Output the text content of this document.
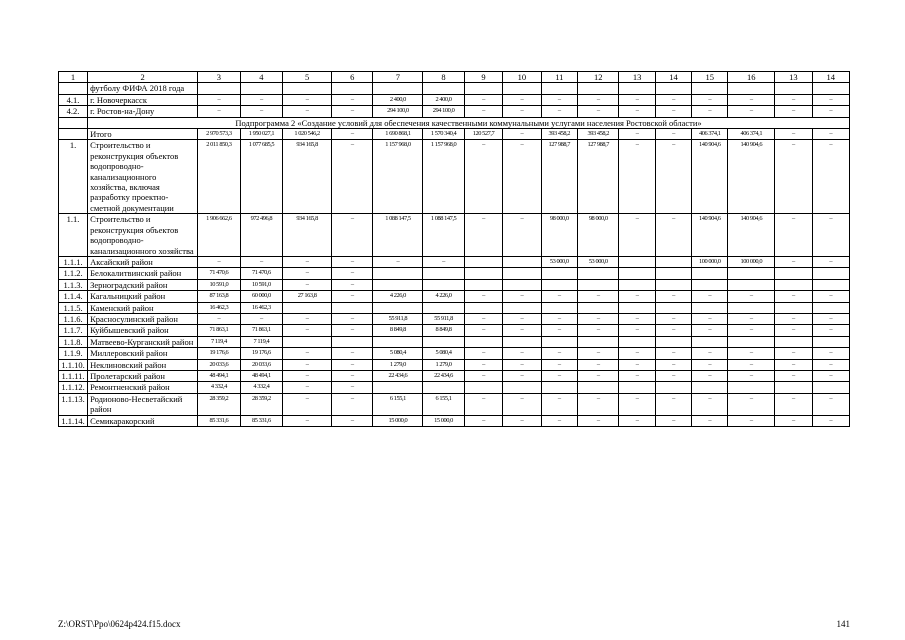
1	2	3	4	5	6	7	8	9	10	11	12	13	14	15	16	13	14
	футболу ФИФА 2018 года																
4.1.	г. Новочеркасск	–	–	–	–	2 400,0	2 400,0	–	–	–	–	–	–	–	–	–	–
4.2.	г. Ростов-на-Дону	–	–	–	–	294 100,0	294 100,0	–	–	–	–	–	–	–	–	–	–
	Подпрограмма 2 «Создание условий для обеспечения качественными коммунальными услугами населения Ростовской области»																
	Итого	2 970 573,3	1 950 027,1	1 020 546,2	–	1 690 868,1	1 570 340,4	120 527,7	–	393 458,2	393 458,2	–	–	406 374,1	406 374,1	–	–
1.	Строительство и реконструкция объектов водопроводно-канализационного хозяйства, включая разработку проектно-сметной документации	2 011 850,3	1 077 685,5	934 165,8	–	1 157 968,0	1 157 968,0	–	–	127 988,7	127 988,7	–	–	140 904,6	140 904,6	–	–
1.1.	Строительство и реконструкция объектов водопроводно-канализационного хозяйства	1 906 662,6	972 496,8	934 165,8	–	1 088 147,5	1 088 147,5	–	–	98 000,0	98 000,0	–	–	140 904,6	140 904,6	–	–
1.1.1.	Аксайский район	–	–	–	–	–	–			53 000,0	53 000,0			100 000,0	100 000,0	–	–
1.1.2.	Белокалитвинский район	71 470,6	71 470,6	–	–												
1.1.3.	Зерноградский район	10 591,0	10 591,0	–	–												
1.1.4.	Кагальницкий район	87 163,8	60 000,0	27 163,8	–	4 226,0	4 226,0	–	–	–	–	–	–	–	–	–	–
1.1.5.	Каменский район	16 462,3	16 462,3														
1.1.6.	Красносулинский район	–	–	–	–	55 911,8	55 911,8	–	–	–	–	–	–	–	–	–	–
1.1.7.	Куйбышевский район	71 863,1	71 863,1	–	–	8 849,8	8 849,8	–	–	–	–	–	–	–	–	–	–
1.1.8.	Матвеево-Курганский район	7 119,4	7 119,4														
1.1.9.	Миллеровский район	19 176,6	19 176,6	–	–	5 080,4	5 080,4	–	–	–	–	–	–	–	–	–	–
1.1.10.	Неклиновский район	20 033,6	20 033,6	–	–	1 279,0	1 279,0	–	–	–	–	–	–	–	–	–	–
1.1.11.	Пролетарский район	48 494,1	48 494,1	–	–	22 434,6	22 434,6	–	–	–	–	–	–	–	–	–	–
1.1.12.	Ремонтненский район	4 332,4	4 332,4	–	–												
1.1.13.	Родионово-Несветайский район	28 359,2	28 359,2	–	–	6 155,1	6 155,1	–	–	–	–	–	–	–	–	–	–
1.1.14.	Семикаракорский	85 331,6	85 331,6	–	–	15 000,0	15 000,0	–	–	–	–	–	–	–	–	–	–
Z:\ORST\Ppo\0624p424.f15.docx	141
